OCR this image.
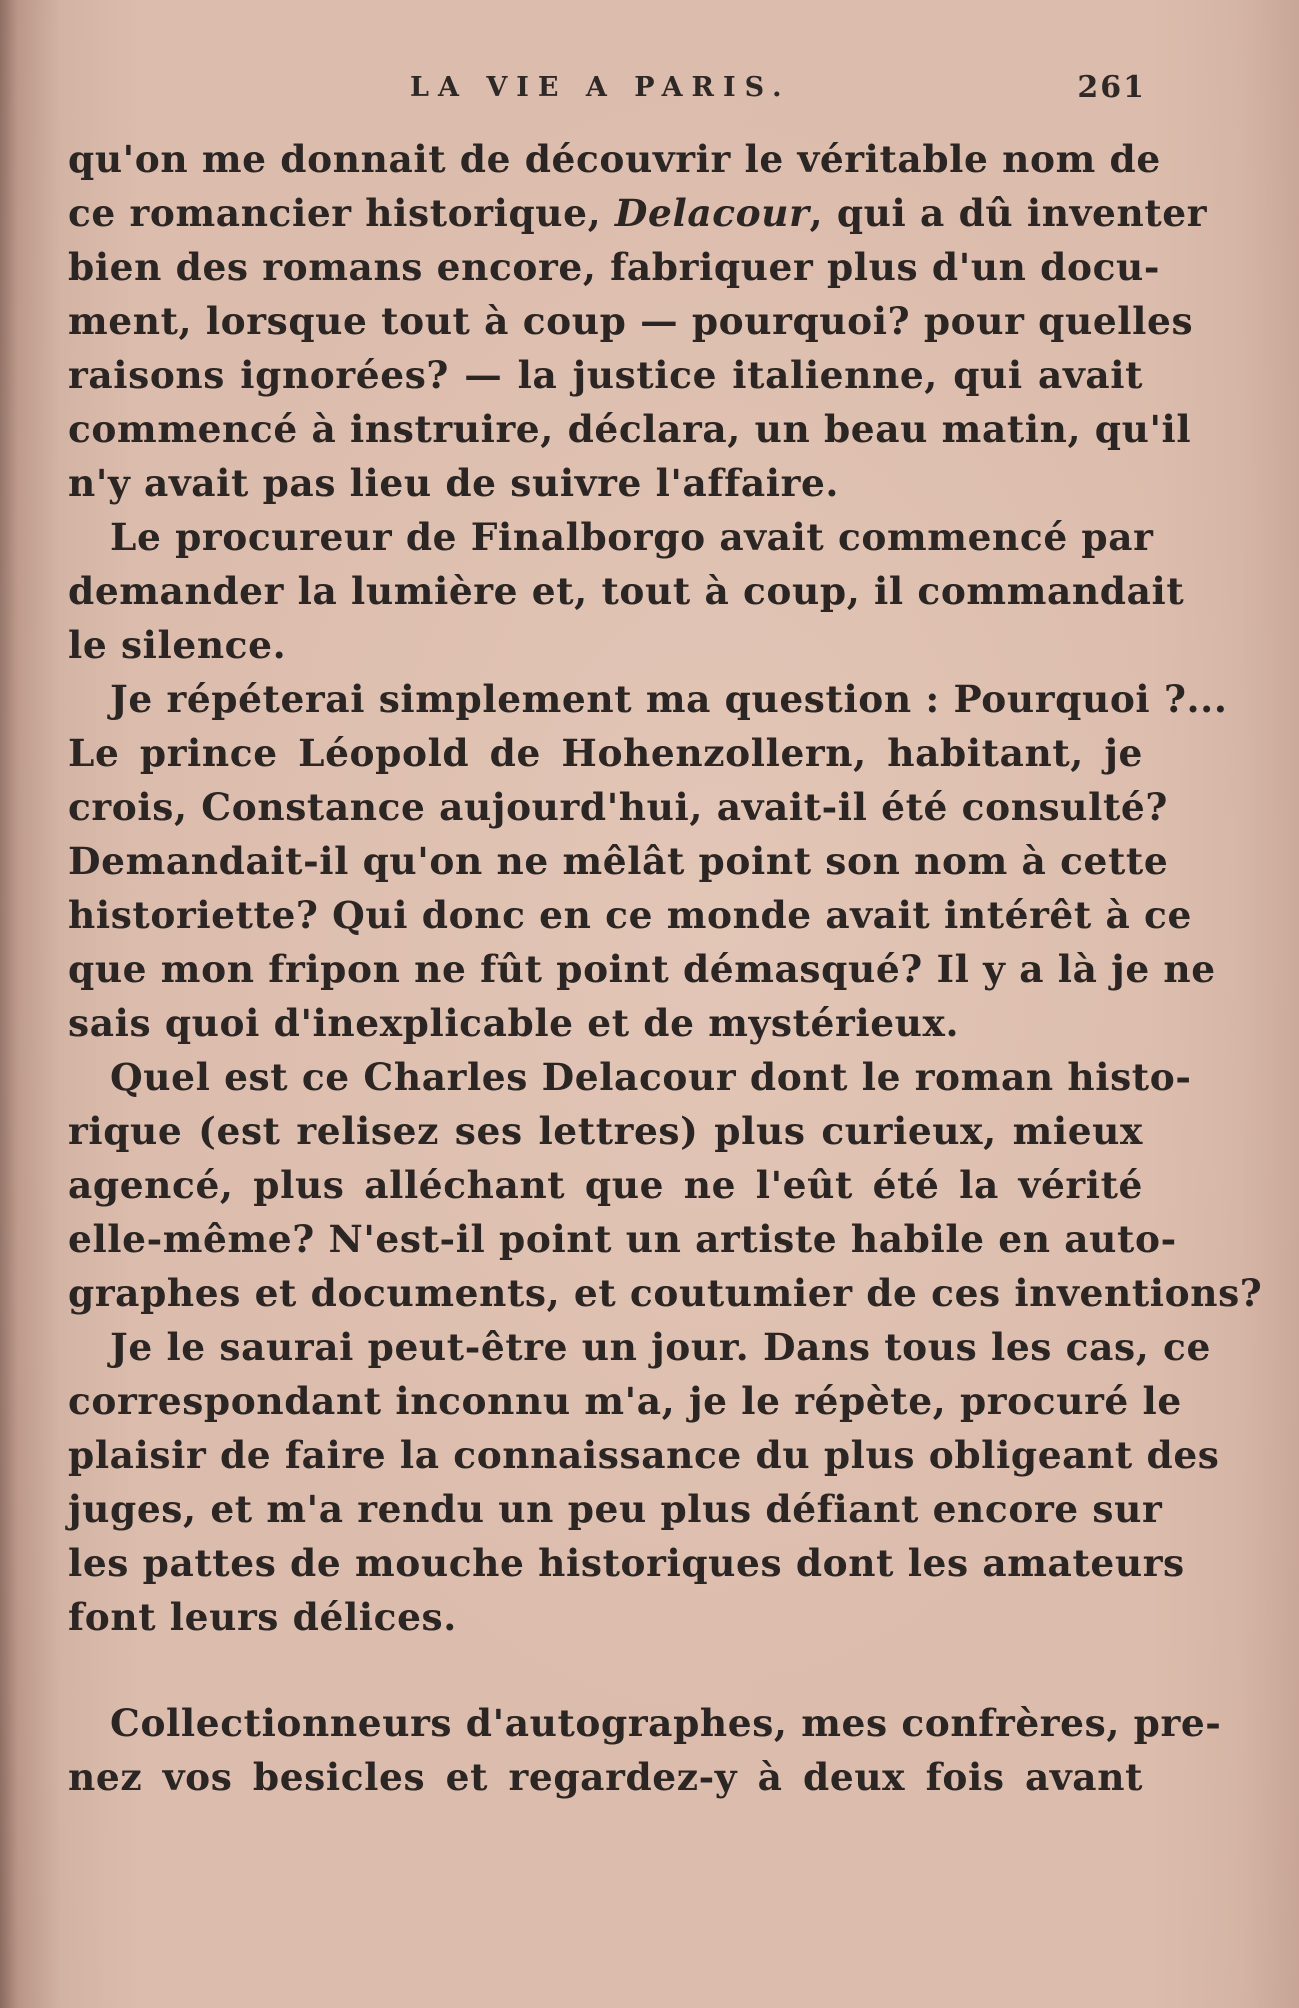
LA VIE A PARIS.	261
qu'on me donnait de découvrir le véritable nom de
ce romancier historique, Delacour, qui a dû inventer
bien des romans encore, fabriquer plus d'un docu-
ment, lorsque tout à coup — pourquoi? pour quelles
raisons ignorées? — la justice italienne, qui avait
commencé à instruire, déclara, un beau matin, qu'il
n'y avait pas lieu de suivre l'affaire.
Le procureur de Finalborgo avait commencé par
demander la lumière et, tout à coup, il commandait
le silence.
Je répéterai simplement ma question : Pourquoi ?...
Le prince Léopold de Hohenzollern, habitant, je
crois, Constance aujourd'hui, avait-il été consulté?
Demandait-il qu'on ne mêlât point son nom à cette
historiette? Qui donc en ce monde avait intérêt à ce
que mon fripon ne fût point démasqué? Il y a là je ne
sais quoi d'inexplicable et de mystérieux.
Quel est ce Charles Delacour dont le roman histo-
rique (est relisez ses lettres) plus curieux, mieux
agencé, plus alléchant que ne l'eût été la vérité
elle-même? N'est-il point un artiste habile en auto-
graphes et documents, et coutumier de ces inventions?
Je le saurai peut-être un jour. Dans tous les cas, ce
correspondant inconnu m'a, je le répète, procuré le
plaisir de faire la connaissance du plus obligeant des
juges, et m'a rendu un peu plus défiant encore sur
les pattes de mouche historiques dont les amateurs
font leurs délices.
Collectionneurs d'autographes, mes confrères, pre-
nez vos besicles et regardez-y à deux fois avant
